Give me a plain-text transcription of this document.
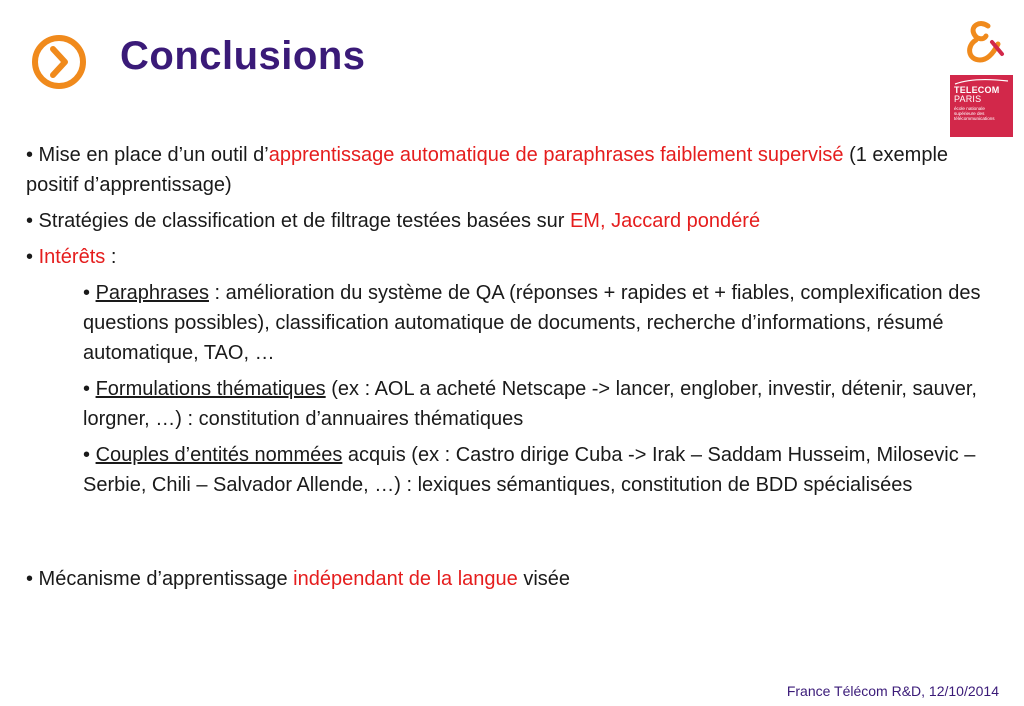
Conclusions
TELECOM
PARIS
école nationale
supérieure des
télécommunications
• Mise en place d’un outil d’apprentissage automatique de paraphrases faiblement supervisé (1 exemple positif d’apprentissage)
• Stratégies de classification et de filtrage testées basées sur EM, Jaccard pondéré
• Intérêts :
• Paraphrases : amélioration du système de QA (réponses + rapides et + fiables, complexification des questions possibles), classification automatique de documents, recherche d’informations, résumé automatique, TAO, …
• Formulations thématiques (ex : AOL a acheté Netscape -> lancer, englober, investir, détenir, sauver, lorgner, …) : constitution d’annuaires thématiques
• Couples d’entités nommées acquis (ex : Castro dirige Cuba -> Irak – Saddam Husseim, Milosevic – Serbie, Chili – Salvador Allende, …) : lexiques sémantiques, constitution de BDD spécialisées
• Mécanisme d’apprentissage indépendant de la langue visée
France Télécom R&D, 12/10/2014
